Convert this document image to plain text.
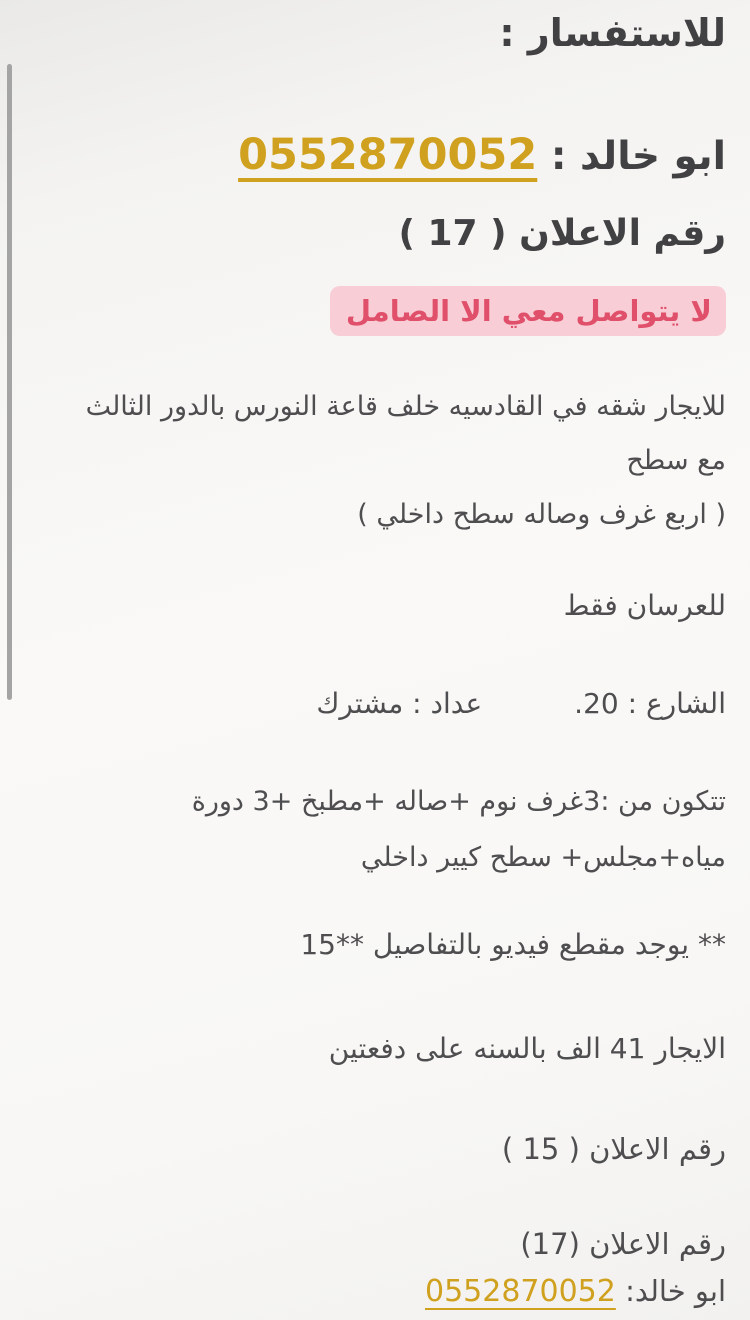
للاستفسار :
ابو خالد : 0552870052
رقم الاعلان ( 17 )
لا يتواصل معي الا الصامل
للايجار شقه في القادسيه خلف قاعة النورس بالدور الثالث
مع سطح
( اربع غرف وصاله سطح داخلي )
للعرسان فقط
الشارع : 20.
عداد : مشترك
تتكون من :3غرف نوم +صاله +مطبخ +3 دورة
مياه+مجلس+ سطح كيير داخلي
** يوجد مقطع فيديو بالتفاصيل **15
الايجار 41 الف بالسنه على دفعتين
رقم الاعلان ( 15 )
رقم الاعلان (17)
ابو خالد: 0552870052
